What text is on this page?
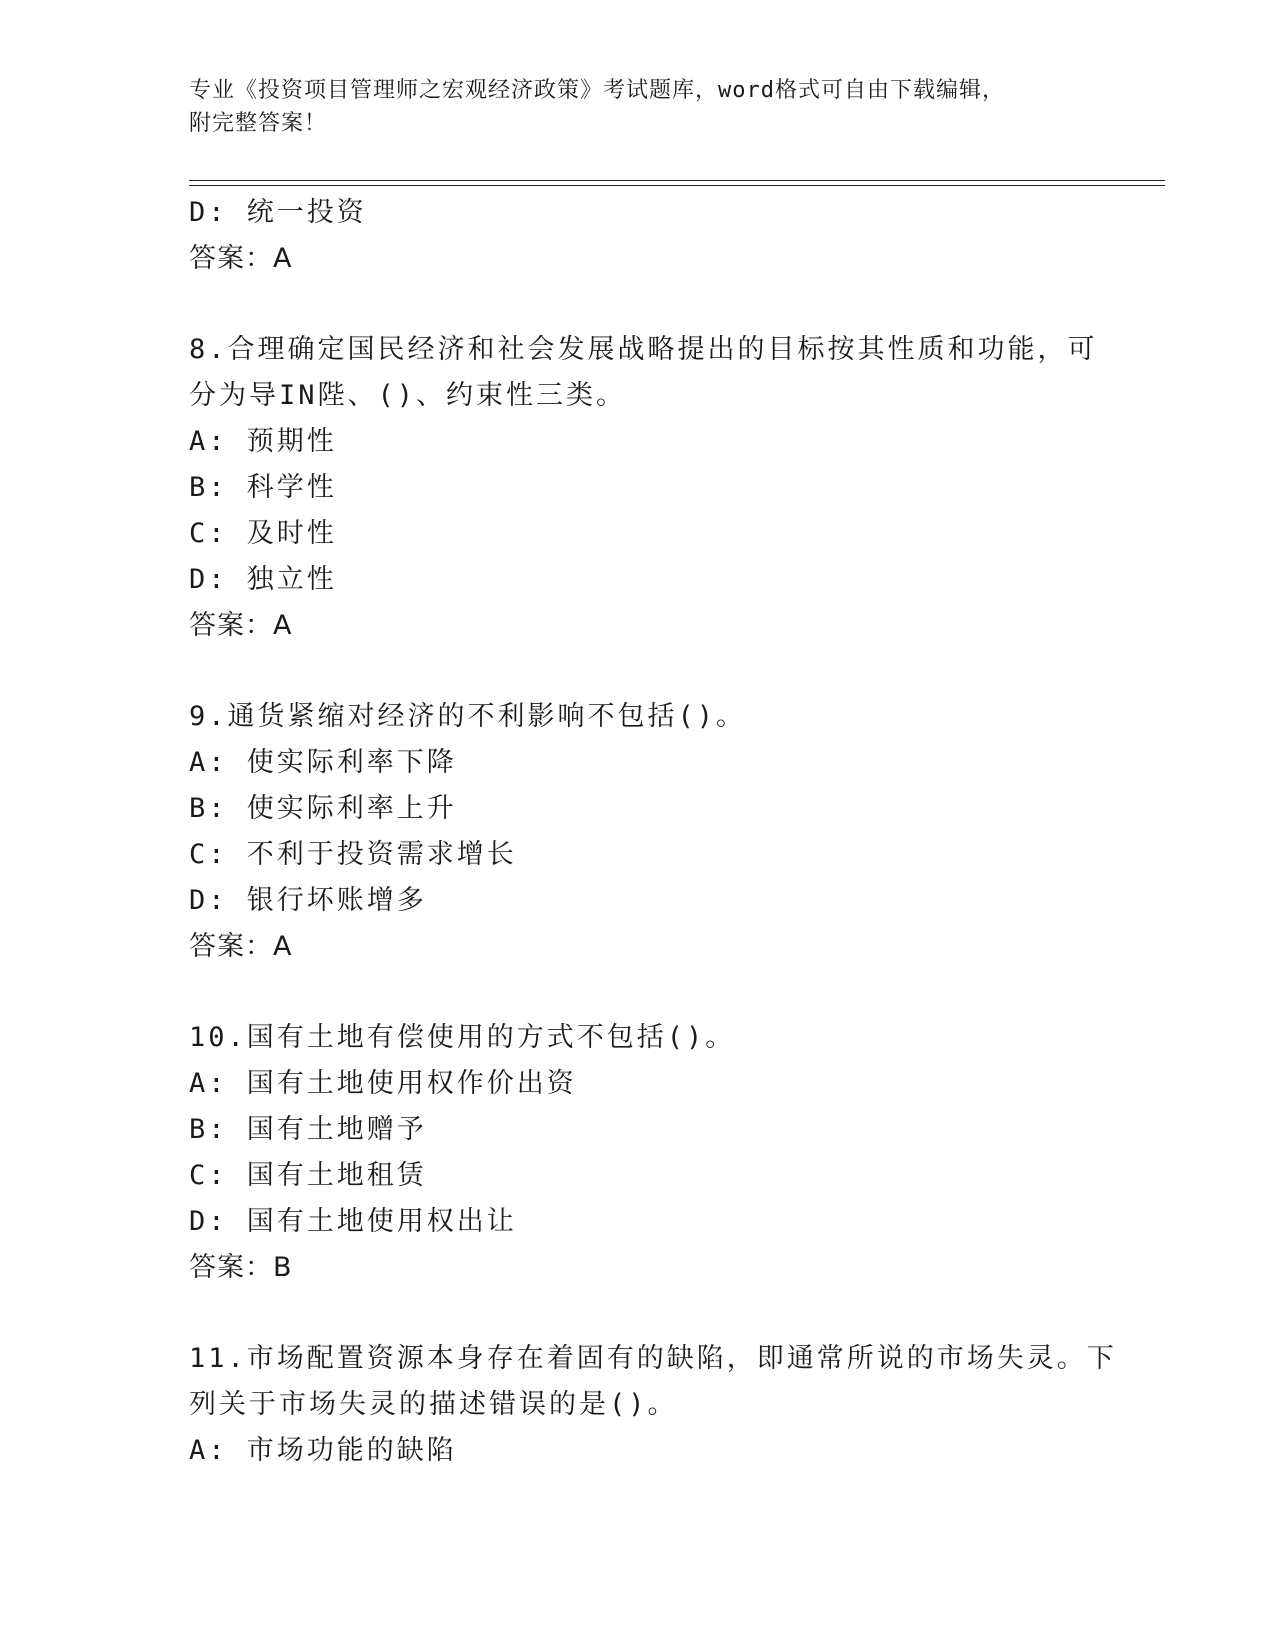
专业《投资项目管理师之宏观经济政策》考试题库，word格式可自由下载编辑，
附完整答案！
D: 统一投资
答案：A
8.合理确定国民经济和社会发展战略提出的目标按其性质和功能，可
分为导IN陛、()、约束性三类。
A: 预期性
B: 科学性
C: 及时性
D: 独立性
答案：A
9.通货紧缩对经济的不利影响不包括()。
A: 使实际利率下降
B: 使实际利率上升
C: 不利于投资需求增长
D: 银行坏账增多
答案：A
10.国有土地有偿使用的方式不包括()。
A: 国有土地使用权作价出资
B: 国有土地赠予
C: 国有土地租赁
D: 国有土地使用权出让
答案：B
11.市场配置资源本身存在着固有的缺陷，即通常所说的市场失灵。下
列关于市场失灵的描述错误的是()。
A: 市场功能的缺陷
